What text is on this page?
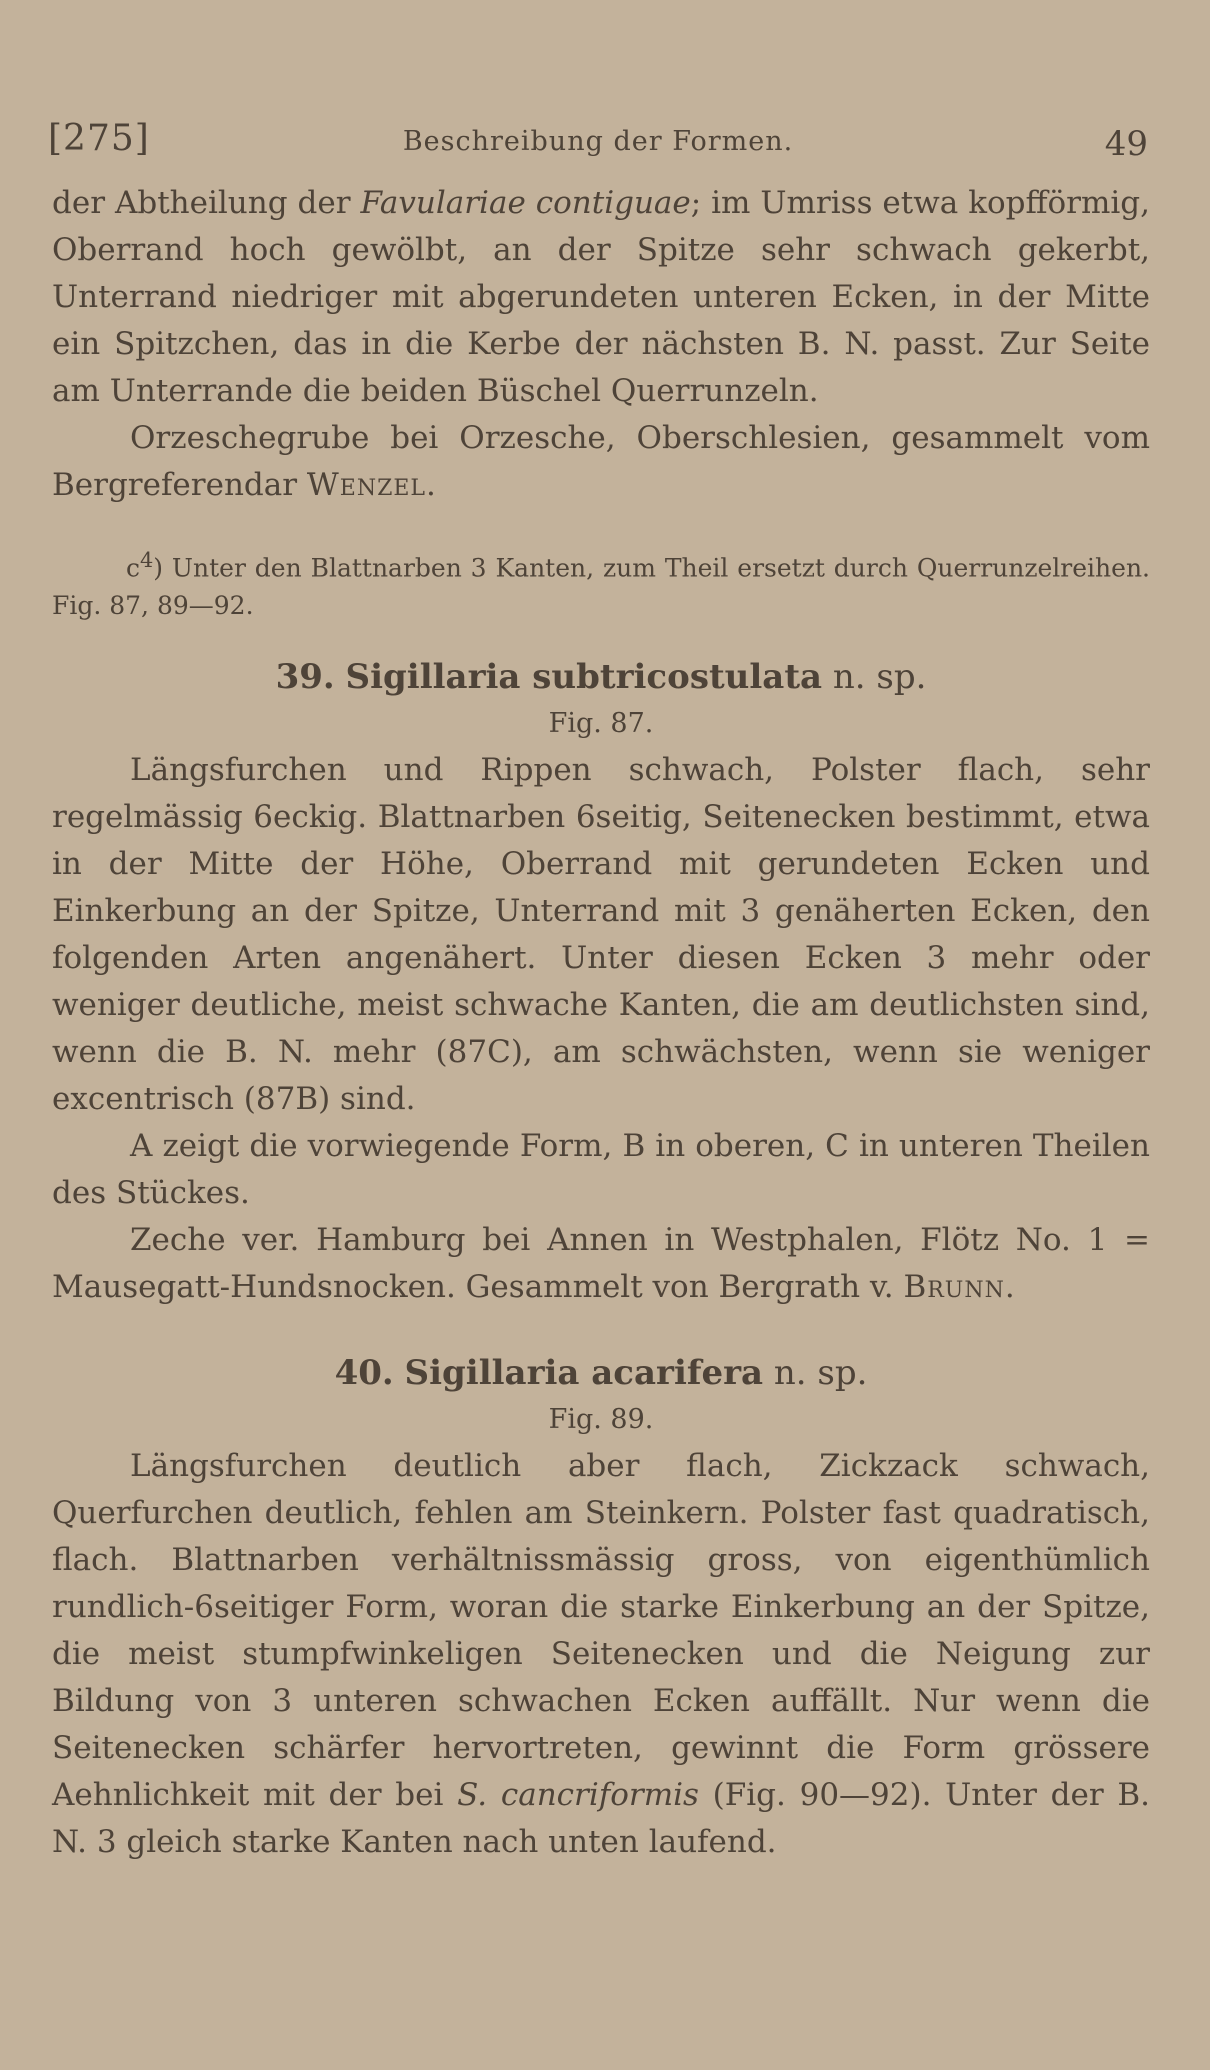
[275]	Beschreibung der Formen.	49

der Abtheilung der Favulariae contiguae; im Umriss etwa kopfförmig, Oberrand hoch gewölbt, an der Spitze sehr schwach gekerbt, Unterrand niedriger mit abgerundeten unteren Ecken, in der Mitte ein Spitzchen, das in die Kerbe der nächsten B. N. passt. Zur Seite am Unterrande die beiden Büschel Querrunzeln.

Orzeschegrube bei Orzesche, Oberschlesien, gesammelt vom Bergreferendar Wenzel.

$c^4$) Unter den Blattnarben 3 Kanten, zum Theil ersetzt durch Querrunzelreihen. Fig. 87, 89—92.

39. Sigillaria subtricostulata n. sp.
Fig. 87.

Längsfurchen und Rippen schwach, Polster flach, sehr regelmässig 6eckig. Blattnarben 6seitig, Seitenecken bestimmt, etwa in der Mitte der Höhe, Oberrand mit gerundeten Ecken und Einkerbung an der Spitze, Unterrand mit 3 genäherten Ecken, den folgenden Arten angenähert. Unter diesen Ecken 3 mehr oder weniger deutliche, meist schwache Kanten, die am deutlichsten sind, wenn die B. N. mehr (87C), am schwächsten, wenn sie weniger excentrisch (87B) sind.

A zeigt die vorwiegende Form, B in oberen, C in unteren Theilen des Stückes.

Zeche ver. Hamburg bei Annen in Westphalen, Flötz No. 1 = Mausegatt-Hundsnocken. Gesammelt von Bergrath v. Brunn.

40. Sigillaria acarifera n. sp.
Fig. 89.

Längsfurchen deutlich aber flach, Zickzack schwach, Querfurchen deutlich, fehlen am Steinkern. Polster fast quadratisch, flach. Blattnarben verhältnissmässig gross, von eigenthümlich rundlich-6seitiger Form, woran die starke Einkerbung an der Spitze, die meist stumpfwinkeligen Seitenecken und die Neigung zur Bildung von 3 unteren schwachen Ecken auffällt. Nur wenn die Seitenecken schärfer hervortreten, gewinnt die Form grössere Aehnlichkeit mit der bei S. cancriformis (Fig. 90—92). Unter der B. N. 3 gleich starke Kanten nach unten laufend.
